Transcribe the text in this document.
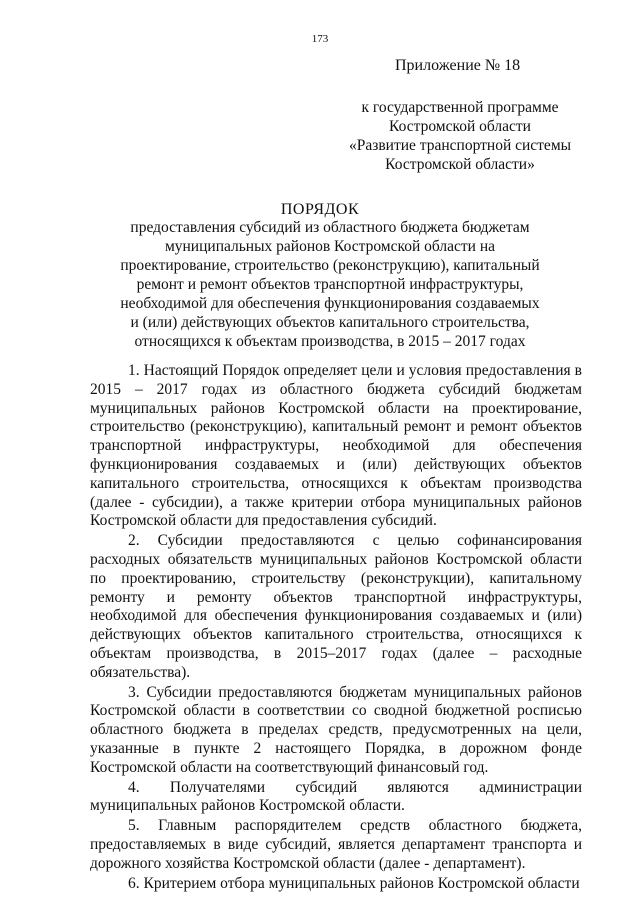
173
Приложение № 18
к государственной программе
Костромской области
«Развитие транспортной системы
Костромской области»
ПОРЯДОК
предоставления субсидий из областного бюджета бюджетам
муниципальных районов Костромской области на
проектирование, строительство (реконструкцию), капитальный
ремонт и ремонт объектов транспортной инфраструктуры,
необходимой для обеспечения функционирования создаваемых
и (или) действующих объектов капитального строительства,
относящихся к объектам производства, в 2015 – 2017 годах

1. Настоящий Порядок определяет цели и условия предоставления в 2015 – 2017 годах из областного бюджета субсидий бюджетам муниципальных районов Костромской области на проектирование, строительство (реконструкцию), капитальный ремонт и ремонт объектов транспортной инфраструктуры, необходимой для обеспечения функционирования создаваемых и (или) действующих объектов капитального строительства, относящихся к объектам производства (далее - субсидии), а также критерии отбора муниципальных районов Костромской области для предоставления субсидий.

2. Субсидии предоставляются с целью софинансирования расходных обязательств муниципальных районов Костромской области по проектированию, строительству (реконструкции), капитальному ремонту и ремонту объектов транспортной инфраструктуры, необходимой для обеспечения функционирования создаваемых и (или) действующих объектов капитального строительства, относящихся к объектам производства, в 2015–2017 годах (далее – расходные обязательства).

3. Субсидии предоставляются бюджетам муниципальных районов Костромской области в соответствии со сводной бюджетной росписью областного бюджета в пределах средств, предусмотренных на цели, указанные в пункте 2 настоящего Порядка, в дорожном фонде Костромской области на соответствующий финансовый год.

4. Получателями субсидий являются администрации муниципальных районов Костромской области.

5. Главным распорядителем средств областного бюджета, предоставляемых в виде субсидий, является департамент транспорта и дорожного хозяйства Костромской области (далее - департамент).

6. Критерием отбора муниципальных районов Костромской области
